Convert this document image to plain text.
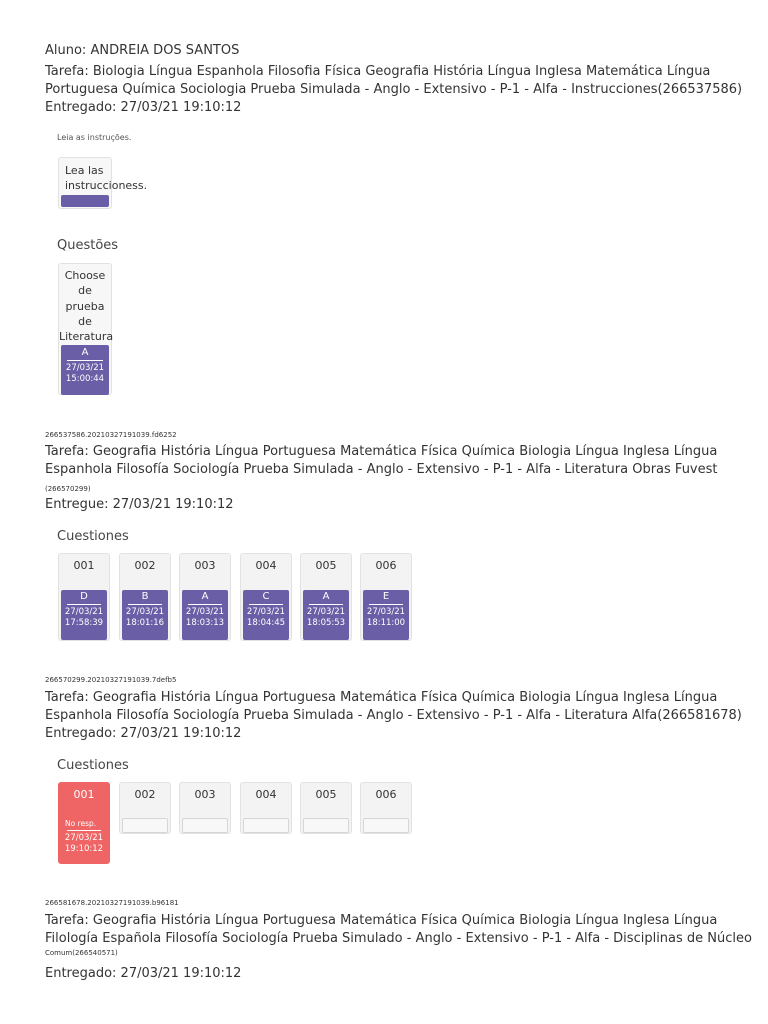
Aluno: ANDREIA DOS SANTOS
Tarefa: Biologia Língua Espanhola Filosofia Física Geografia História Língua Inglesa Matemática Língua
Portuguesa Química Sociologia Prueba Simulada - Anglo - Extensivo - P-1 - Alfa - Instrucciones(266537586)
Entregado: 27/03/21 19:10:12
Leia as instruções.
Lea las
instruccioness.
Questões
Choose
de
prueba
de
Literatura
A
27/03/21
15:00:44
266537586.20210327191039.fd6252
Tarefa: Geografia História Língua Portuguesa Matemática Física Química Biologia Língua Inglesa Língua
Espanhola Filosofía Sociología Prueba Simulada - Anglo - Extensivo - P-1 - Alfa - Literatura Obras Fuvest
(266570299)
Entregue: 27/03/21 19:10:12
Cuestiones
001
D
27/03/21
17:58:39
002
B
27/03/21
18:01:16
003
A
27/03/21
18:03:13
004
C
27/03/21
18:04:45
005
A
27/03/21
18:05:53
006
E
27/03/21
18:11:00
266570299.20210327191039.7defb5
Tarefa: Geografia História Língua Portuguesa Matemática Física Química Biologia Língua Inglesa Língua
Espanhola Filosofía Sociología Prueba Simulada - Anglo - Extensivo - P-1 - Alfa - Literatura Alfa(266581678)
Entregado: 27/03/21 19:10:12
Cuestiones
001
No resp.
27/03/21
19:10:12
002	003	004	005	006
266581678.20210327191039.b96181
Tarefa: Geografia História Língua Portuguesa Matemática Física Química Biologia Língua Inglesa Língua
Filología Española Filosofía Sociología Prueba Simulado - Anglo - Extensivo - P-1 - Alfa - Disciplinas de Núcleo
Comum(266540571)
Entregado: 27/03/21 19:10:12
